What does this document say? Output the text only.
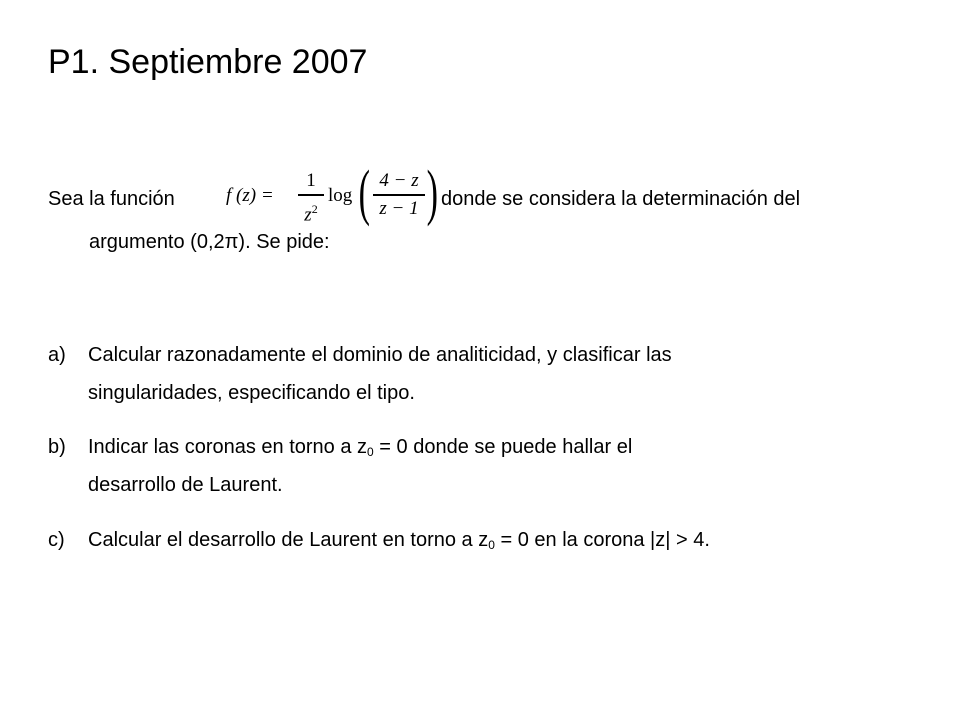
P1. Septiembre 2007
Sea la función	f (z) =
1
$z^2$
log ( 4 − z
z − 1 ) donde se considera la determinación del
argumento (0,2π). Se pide:
a) Calcular razonadamente el dominio de analiticidad, y clasificar las
singularidades, especificando el tipo.
b) Indicar las coronas en torno a $z_0 = 0$ donde se puede hallar el
desarrollo de Laurent.
c) Calcular el desarrollo de Laurent en torno a $z_0 = 0$ en la corona |z| > 4.
